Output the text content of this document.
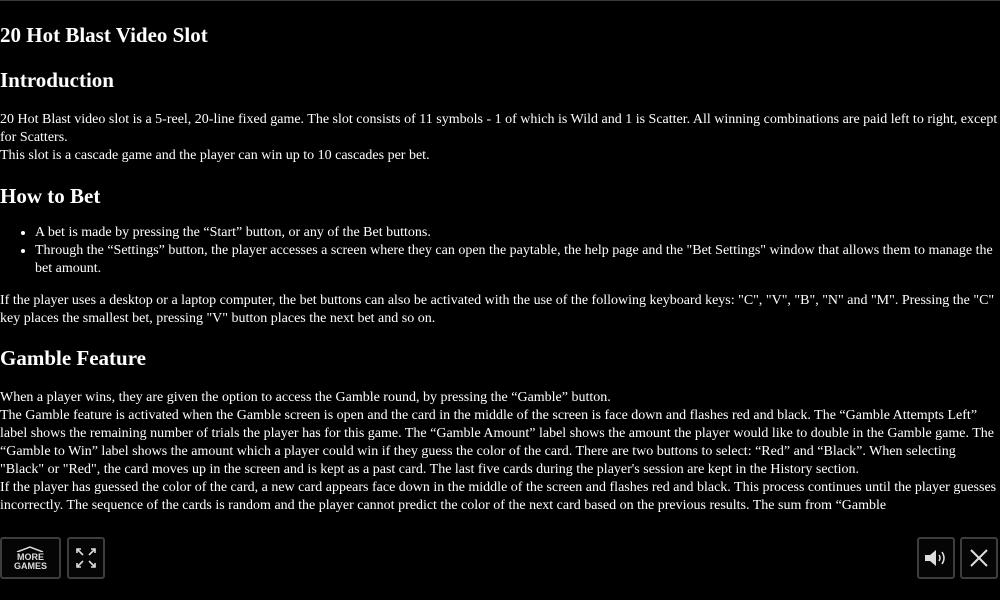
20 Hot Blast Video Slot
Introduction

20 Hot Blast video slot is a 5-reel, 20-line fixed game. The slot consists of 11 symbols - 1 of which is Wild and 1 is Scatter. All winning combinations are paid left to right, except for Scatters.
This slot is a cascade game and the player can win up to 10 cascades per bet.

How to Bet
• A bet is made by pressing the “Start” button, or any of the Bet buttons.
• Through the “Settings” button, the player accesses a screen where they can open the paytable, the help page and the "Bet Settings" window that allows them to manage the bet amount.

If the player uses a desktop or a laptop computer, the bet buttons can also be activated with the use of the following keyboard keys: "C", "V", "B", "N" and "M". Pressing the "C" key places the smallest bet, pressing "V" button places the next bet and so on.

Gamble Feature

When a player wins, they are given the option to access the Gamble round, by pressing the “Gamble” button.
The Gamble feature is activated when the Gamble screen is open and the card in the middle of the screen is face down and flashes red and black. The “Gamble Attempts Left” label shows the remaining number of trials the player has for this game. The “Gamble Amount” label shows the amount the player would like to double in the Gamble game. The “Gamble to Win” label shows the amount which a player could win if they guess the color of the card. There are two buttons to select: “Red” and “Black”. When selecting "Black" or "Red", the card moves up in the screen and is kept as a past card. The last five cards during the player's session are kept in the History section.
If the player has guessed the color of the card, a new card appears face down in the middle of the screen and flashes red and black. This process continues until the player guesses incorrectly. The sequence of the cards is random and the player cannot predict the color of the next card based on the previous results. The sum from “Gamble

MORE
GAMES
